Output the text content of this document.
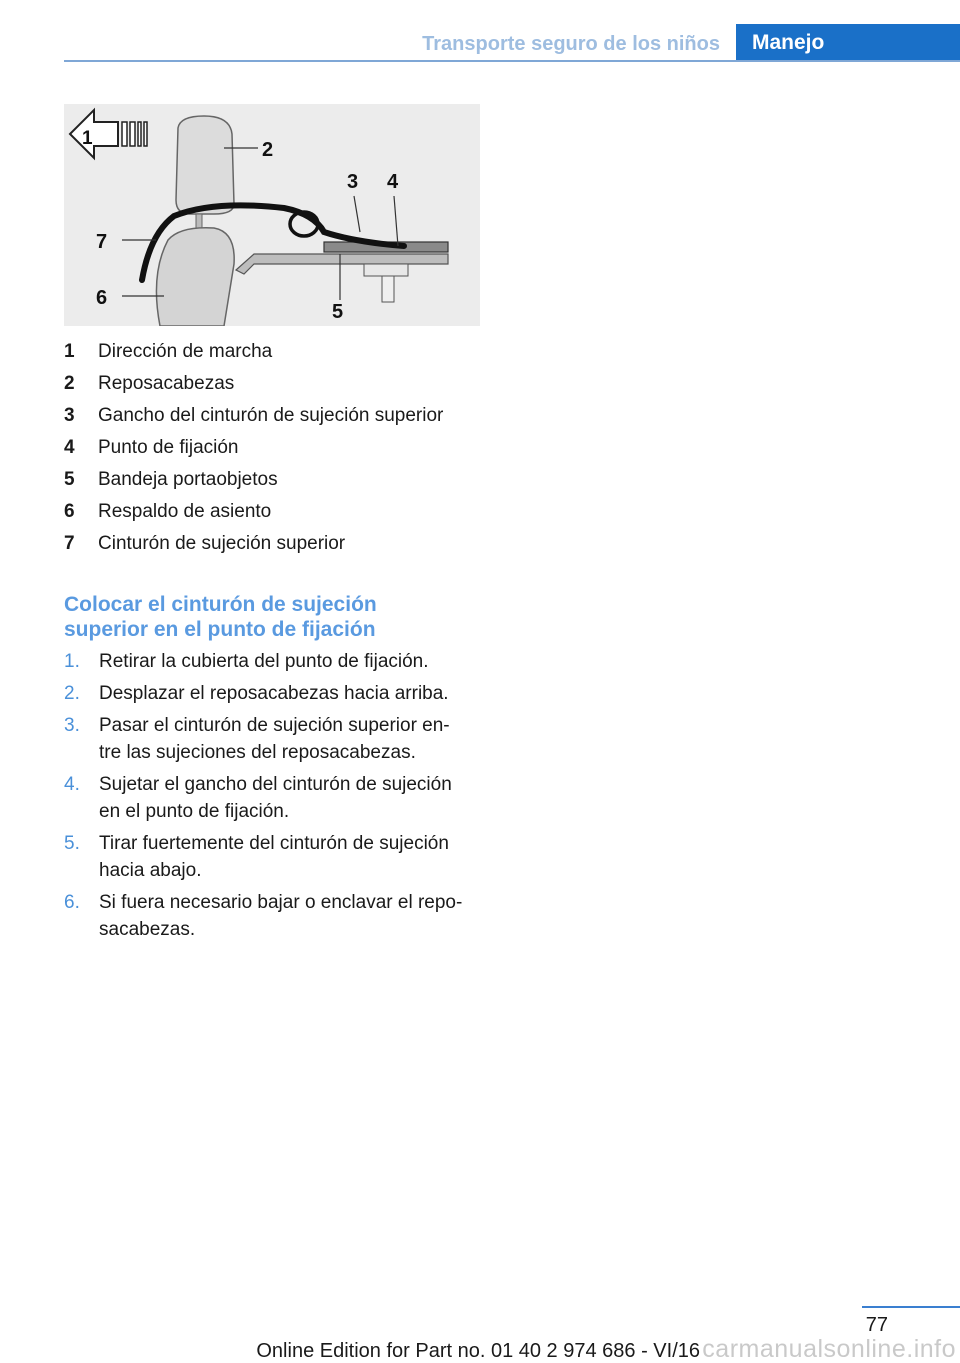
Transporte seguro de los niños	Manejo
1
2
3 4
5
6
7
1	Dirección de marcha
2	Reposacabezas
3	Gancho del cinturón de sujeción superior
4	Punto de fijación
5	Bandeja portaobjetos
6	Respaldo de asiento
7	Cinturón de sujeción superior
Colocar el cinturón de sujeción
superior en el punto de fijación
1.	Retirar la cubierta del punto de fijación.
2.	Desplazar el reposacabezas hacia arriba.
3.	Pasar el cinturón de sujeción superior en‐
tre las sujeciones del reposacabezas.
4.	Sujetar el gancho del cinturón de sujeción
en el punto de fijación.
5.	Tirar fuertemente del cinturón de sujeción
hacia abajo.
6.	Si fuera necesario bajar o enclavar el repo‐
sacabezas.
77
Online Edition for Part no. 01 40 2 974 686 - VI/16 carmanualsonline.info
